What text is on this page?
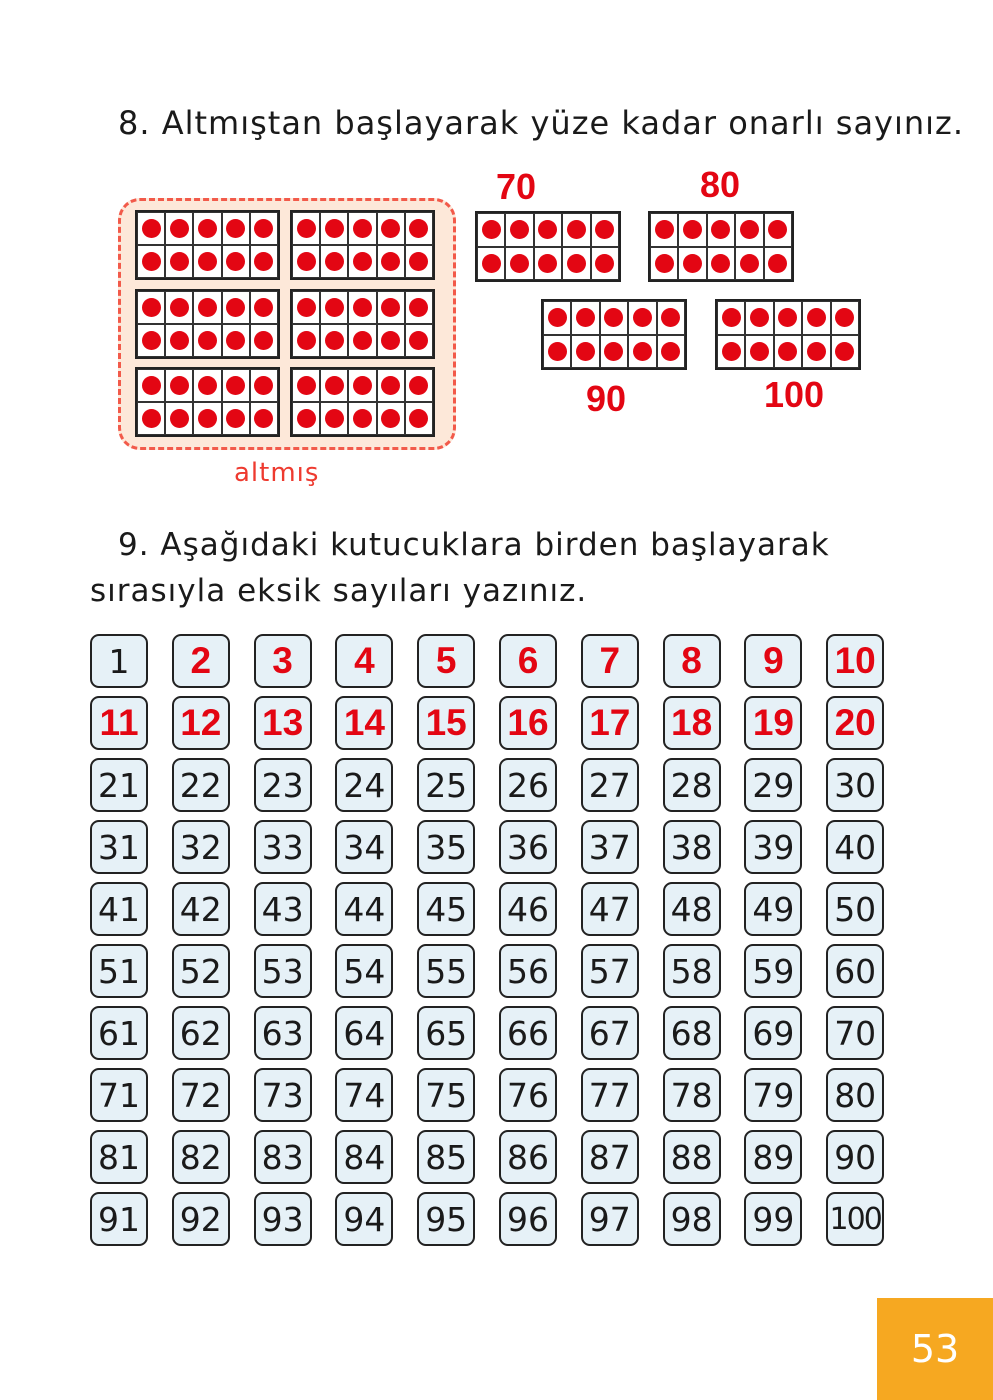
8. Altmıştan başlayarak yüze kadar onarlı sayınız.
altmış
70	80
90	100
9. Aşağıdaki kutucuklara birden başlayarak
sırasıyla eksik sayıları yazınız.
1	2	3	4	5	6	7	8	9	10
11 12 13 14 15 16 17 18 19 20
21 22 23 24 25 26 27 28 29 30
31 32 33 34 35 36 37 38 39 40
41 42 43 44 45 46 47 48 49 50
51 52 53 54 55 56 57 58 59 60
61 62 63 64 65 66 67 68 69 70
71 72 73 74 75 76 77 78 79 80
81 82 83 84 85 86 87 88 89 90
91 92 93 94 95 96 97 98 99 100
53
